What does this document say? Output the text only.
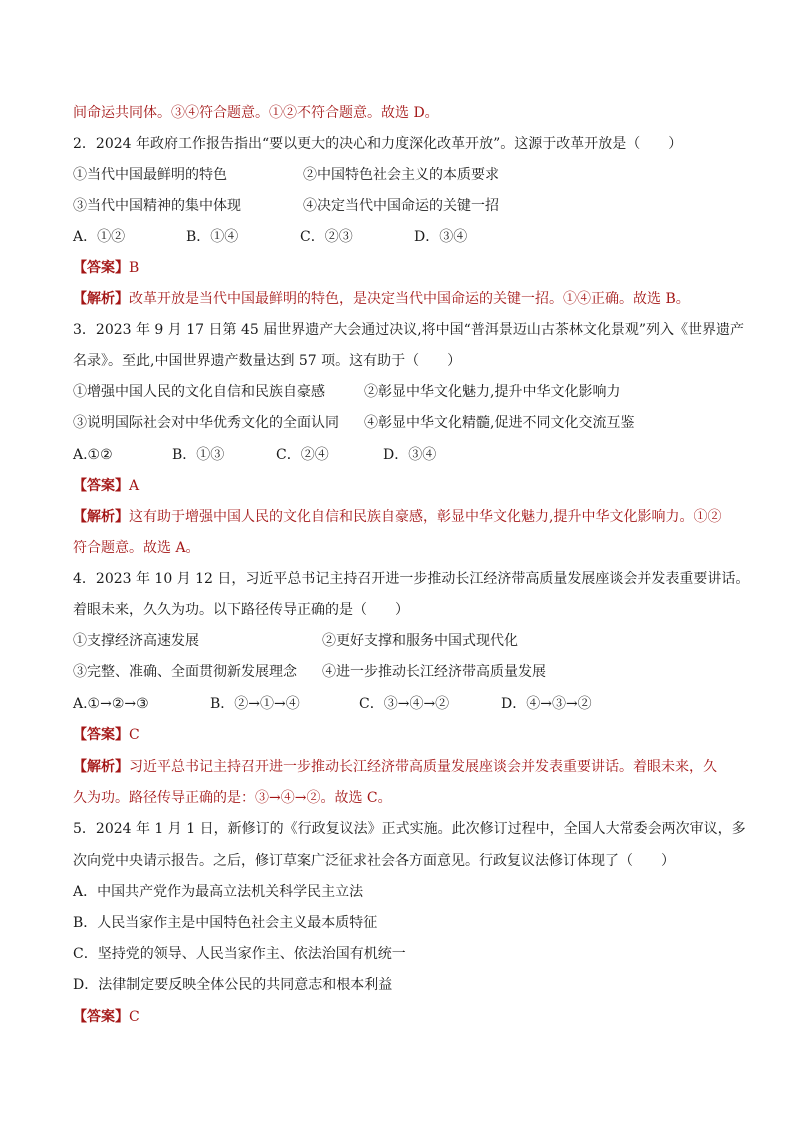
间命运共同体。③④符合题意。①②不符合题意。故选 D。
2．2024 年政府工作报告指出“要以更大的决心和力度深化改革开放”。这源于改革开放是（　　）
①当代中国最鲜明的特色	②中国特色社会主义的本质要求
③当代中国精神的集中体现	④决定当代中国命运的关键一招
A．①②	B．①④	C．②③	D．③④
【答案】B
【解析】改革开放是当代中国最鲜明的特色，是决定当代中国命运的关键一招。①④正确。故选 B。
3．2023 年 9 月 17 日第 45 届世界遗产大会通过决议,将中国“普洱景迈山古茶林文化景观”列入《世界遗产
名录》。至此,中国世界遗产数量达到 57 项。这有助于（　　）
①增强中国人民的文化自信和民族自豪感	②彰显中华文化魅力,提升中华文化影响力
③说明国际社会对中华优秀文化的全面认同 ④彰显中华文化精髓,促进不同文化交流互鉴
A.①②	B．①③	C．②④	D．③④
【答案】A
【解析】这有助于增强中国人民的文化自信和民族自豪感，彰显中华文化魅力,提升中华文化影响力。①②
符合题意。故选 A。
4．2023 年 10 月 12 日，习近平总书记主持召开进一步推动长江经济带高质量发展座谈会并发表重要讲话。
着眼未来，久久为功。以下路径传导正确的是（　　）
①支撑经济高速发展	②更好支撑和服务中国式现代化
③完整、准确、全面贯彻新发展理念 ④进一步推动长江经济带高质量发展
A.①→②→③	B．②→①→④	C．③→④→②	D．④→③→②
【答案】C
【解析】习近平总书记主持召开进一步推动长江经济带高质量发展座谈会并发表重要讲话。着眼未来，久
久为功。路径传导正确的是：③→④→②。故选 C。
5．2024 年 1 月 1 日，新修订的《行政复议法》正式实施。此次修订过程中，全国人大常委会两次审议，多
次向党中央请示报告。之后，修订草案广泛征求社会各方面意见。行政复议法修订体现了（　　）
A．中国共产党作为最高立法机关科学民主立法
B．人民当家作主是中国特色社会主义最本质特征
C．坚持党的领导、人民当家作主、依法治国有机统一
D．法律制定要反映全体公民的共同意志和根本利益
【答案】C
